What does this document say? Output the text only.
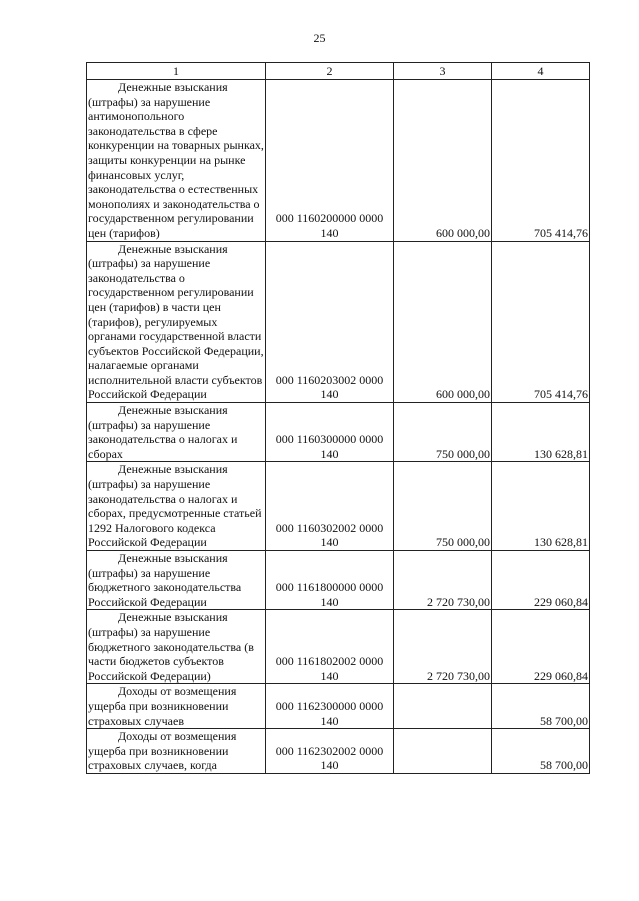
25
1	2	3	4
Денежные взыскания (штрафы) за нарушение антимонопольного законодательства в сфере конкуренции на товарных рынках, защиты конкуренции на рынке финансовых услуг, законодательства о естественных монополиях и законодательства о государственном регулировании цен (тарифов)	000 1160200000 0000 140	600 000,00	705 414,76
Денежные взыскания (штрафы) за нарушение законодательства о государственном регулировании цен (тарифов) в части цен (тарифов), регулируемых органами государственной власти субъектов Российской Федерации, налагаемые органами исполнительной власти субъектов Российской Федерации	000 1160203002 0000 140	600 000,00	705 414,76
Денежные взыскания (штрафы) за нарушение законодательства о налогах и сборах	000 1160300000 0000 140	750 000,00	130 628,81
Денежные взыскания (штрафы) за нарушение законодательства о налогах и сборах, предусмотренные статьей 1292 Налогового кодекса Российской Федерации	000 1160302002 0000 140	750 000,00	130 628,81
Денежные взыскания (штрафы) за нарушение бюджетного законодательства Российской Федерации	000 1161800000 0000 140	2 720 730,00	229 060,84
Денежные взыскания (штрафы) за нарушение бюджетного законодательства (в части бюджетов субъектов Российской Федерации)	000 1161802002 0000 140	2 720 730,00	229 060,84
Доходы от возмещения ущерба при возникновении страховых случаев	000 1162300000 0000 140		58 700,00
Доходы от возмещения ущерба при возникновении страховых случаев, когда	000 1162302002 0000 140		58 700,00
